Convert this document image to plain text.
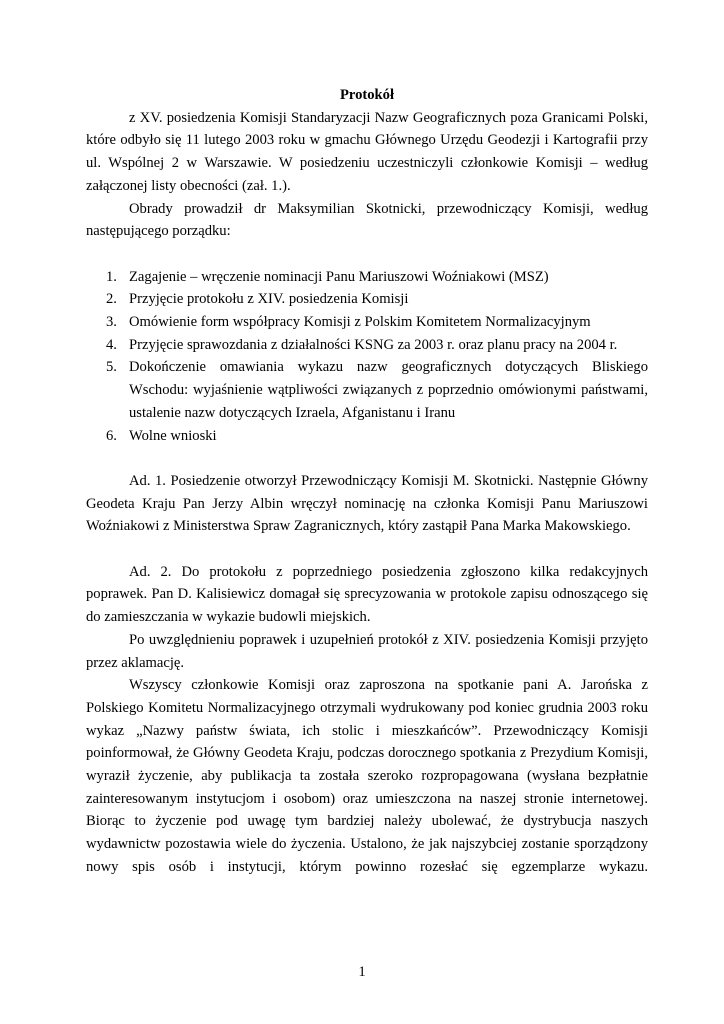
Protokół

z XV. posiedzenia Komisji Standaryzacji Nazw Geograficznych poza Granicami Polski, które odbyło się 11 lutego 2003 roku w gmachu Głównego Urzędu Geodezji i Kartografii przy ul. Wspólnej 2 w Warszawie. W posiedzeniu uczestniczyli członkowie Komisji – według załączonej listy obecności (zał. 1.).

Obrady prowadził dr Maksymilian Skotnicki, przewodniczący Komisji, według następującego porządku:

1. Zagajenie – wręczenie nominacji Panu Mariuszowi Woźniakowi (MSZ)
2. Przyjęcie protokołu z XIV. posiedzenia Komisji
3. Omówienie form współpracy Komisji z Polskim Komitetem Normalizacyjnym
4. Przyjęcie sprawozdania z działalności KSNG za 2003 r. oraz planu pracy na 2004 r.
5. Dokończenie omawiania wykazu nazw geograficznych dotyczących Bliskiego Wschodu: wyjaśnienie wątpliwości związanych z poprzednio omówionymi państwami, ustalenie nazw dotyczących Izraela, Afganistanu i Iranu
6. Wolne wnioski

Ad. 1. Posiedzenie otworzył Przewodniczący Komisji M. Skotnicki. Następnie Główny Geodeta Kraju Pan Jerzy Albin wręczył nominację na członka Komisji Panu Mariuszowi Woźniakowi z Ministerstwa Spraw Zagranicznych, który zastąpił Pana Marka Makowskiego.

Ad. 2. Do protokołu z poprzedniego posiedzenia zgłoszono kilka redakcyjnych poprawek. Pan D. Kalisiewicz domagał się sprecyzowania w protokole zapisu odnoszącego się do zamieszczania w wykazie budowli miejskich.

Po uwzględnieniu poprawek i uzupełnień protokół z XIV. posiedzenia Komisji przyjęto przez aklamację.

Wszyscy członkowie Komisji oraz zaproszona na spotkanie pani A. Jarońska z Polskiego Komitetu Normalizacyjnego otrzymali wydrukowany pod koniec grudnia 2003 roku wykaz „Nazwy państw świata, ich stolic i mieszkańców”. Przewodniczący Komisji poinformował, że Główny Geodeta Kraju, podczas dorocznego spotkania z Prezydium Komisji, wyraził życzenie, aby publikacja ta została szeroko rozpropagowana (wysłana bezpłatnie zainteresowanym instytucjom i osobom) oraz umieszczona na naszej stronie internetowej. Biorąc to życzenie pod uwagę tym bardziej należy ubolewać, że dystrybucja naszych wydawnictw pozostawia wiele do życzenia. Ustalono, że jak najszybciej zostanie sporządzony nowy spis osób i instytucji, którym powinno rozesłać się egzemplarze wykazu.

1
